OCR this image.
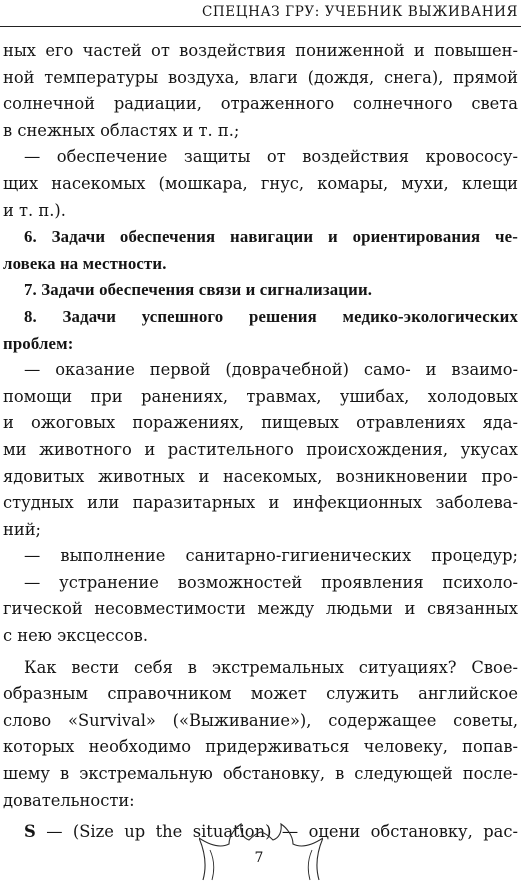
СПЕЦНАЗ ГРУ: УЧЕБНИК ВЫЖИВАНИЯ
ных его частей от воздействия пониженной и повышен-
ной температуры воздуха, влаги (дождя, снега), прямой
солнечной радиации, отраженного солнечного света
в снежных областях и т. п.;
— обеспечение защиты от воздействия кровососу-
щих насекомых (мошкара, гнус, комары, мухи, клещи
и т. п.).
6. Задачи обеспечения навигации и ориентирования че-
ловека на местности.
7. Задачи обеспечения связи и сигнализации.
8. Задачи успешного решения медико-экологических
проблем:
— оказание первой (доврачебной) само- и взаимо-
помощи при ранениях, травмах, ушибах, холодовых
и ожоговых поражениях, пищевых отравлениях яда-
ми животного и растительного происхождения, укусах
ядовитых животных и насекомых, возникновении про-
студных или паразитарных и инфекционных заболева-
ний;
— выполнение санитарно-гигиенических процедур;
— устранение возможностей проявления психоло-
гической несовместимости между людьми и связанных
с нею эксцессов.
Как вести себя в экстремальных ситуациях? Свое-
образным справочником может служить английское
слово «Survival» («Выживание»), содержащее советы,
которых необходимо придерживаться человеку, попав-
шему в экстремальную обстановку, в следующей после-
довательности:
S — (Size up the situation) — оцени обстановку, рас-
7
